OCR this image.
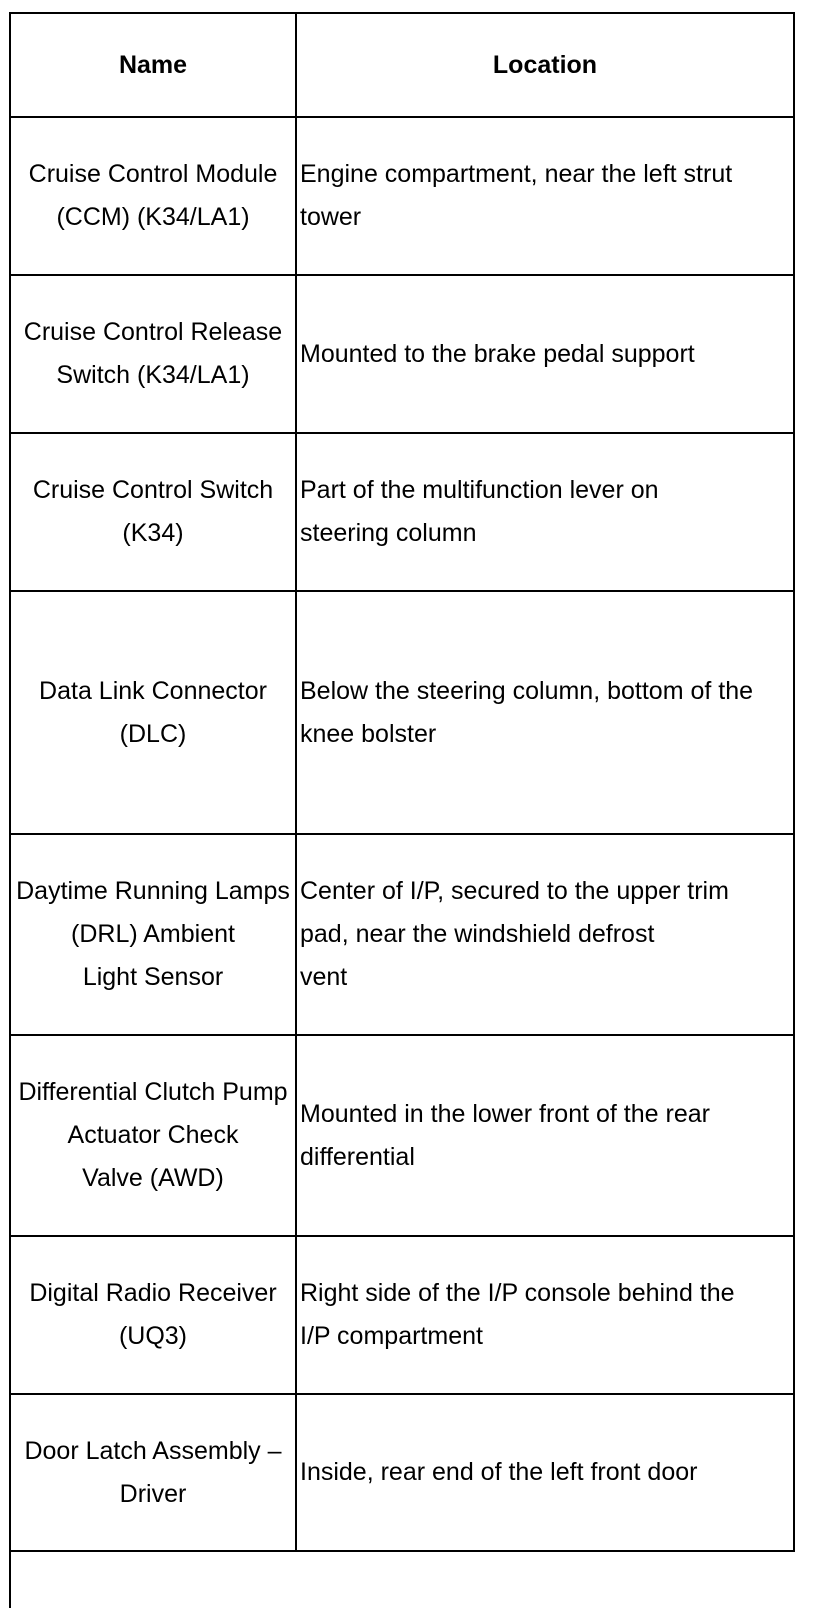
Name	Location
Cruise Control Module
(CCM) (K34/LA1)
Engine compartment, near the left strut
tower
Cruise Control Release
Switch (K34/LA1)
Mounted to the brake pedal support
Cruise Control Switch
(K34)
Part of the multifunction lever on
steering column
Data Link Connector
(DLC)
Below the steering column, bottom of the
knee bolster
Daytime Running Lamps
(DRL) Ambient
Light Sensor
Center of I/P, secured to the upper trim
pad, near the windshield defrost
vent
Differential Clutch Pump
Actuator Check
Valve (AWD)
Mounted in the lower front of the rear
differential
Digital Radio Receiver
(UQ3)
Right side of the I/P console behind the
I/P compartment
Door Latch Assembly –
Driver
Inside, rear end of the left front door
